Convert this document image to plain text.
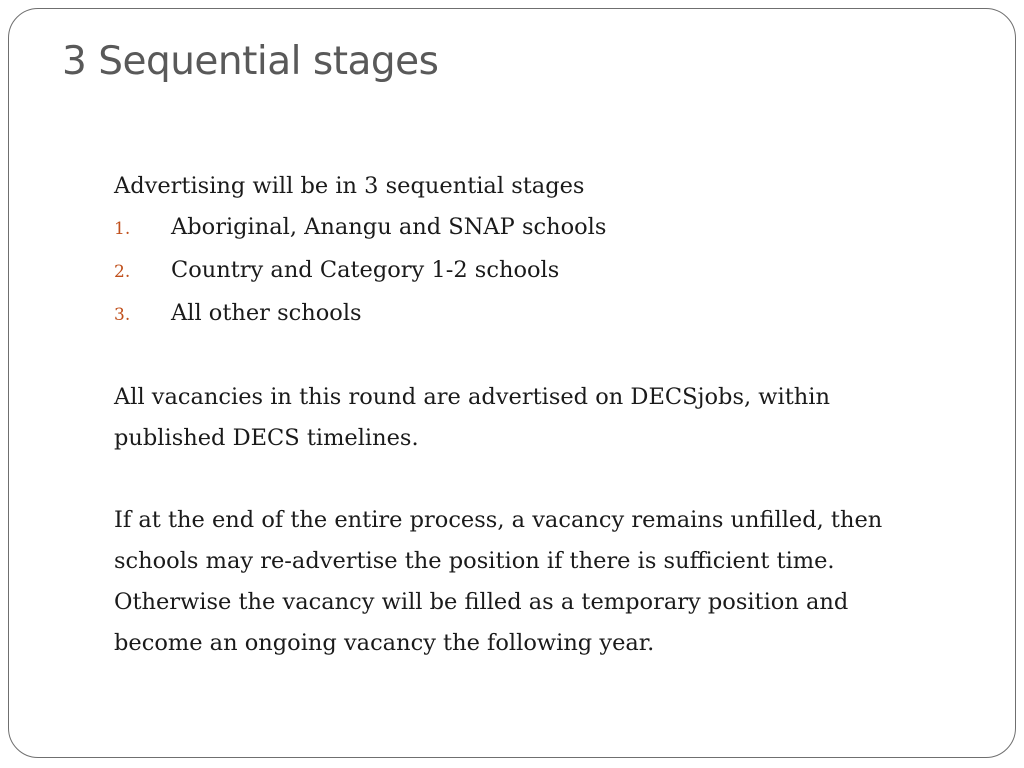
3 Sequential stages

Advertising will be in 3 sequential stages

1.	Aboriginal, Anangu and SNAP schools
2.	Country and Category 1-2 schools
3.	All other schools

All vacancies in this round are advertised on DECSjobs, within published DECS timelines.

If at the end of the entire process, a vacancy remains unfilled, then schools may re-advertise the position if there is sufficient time. Otherwise the vacancy will be filled as a temporary position and become an ongoing vacancy the following year.
